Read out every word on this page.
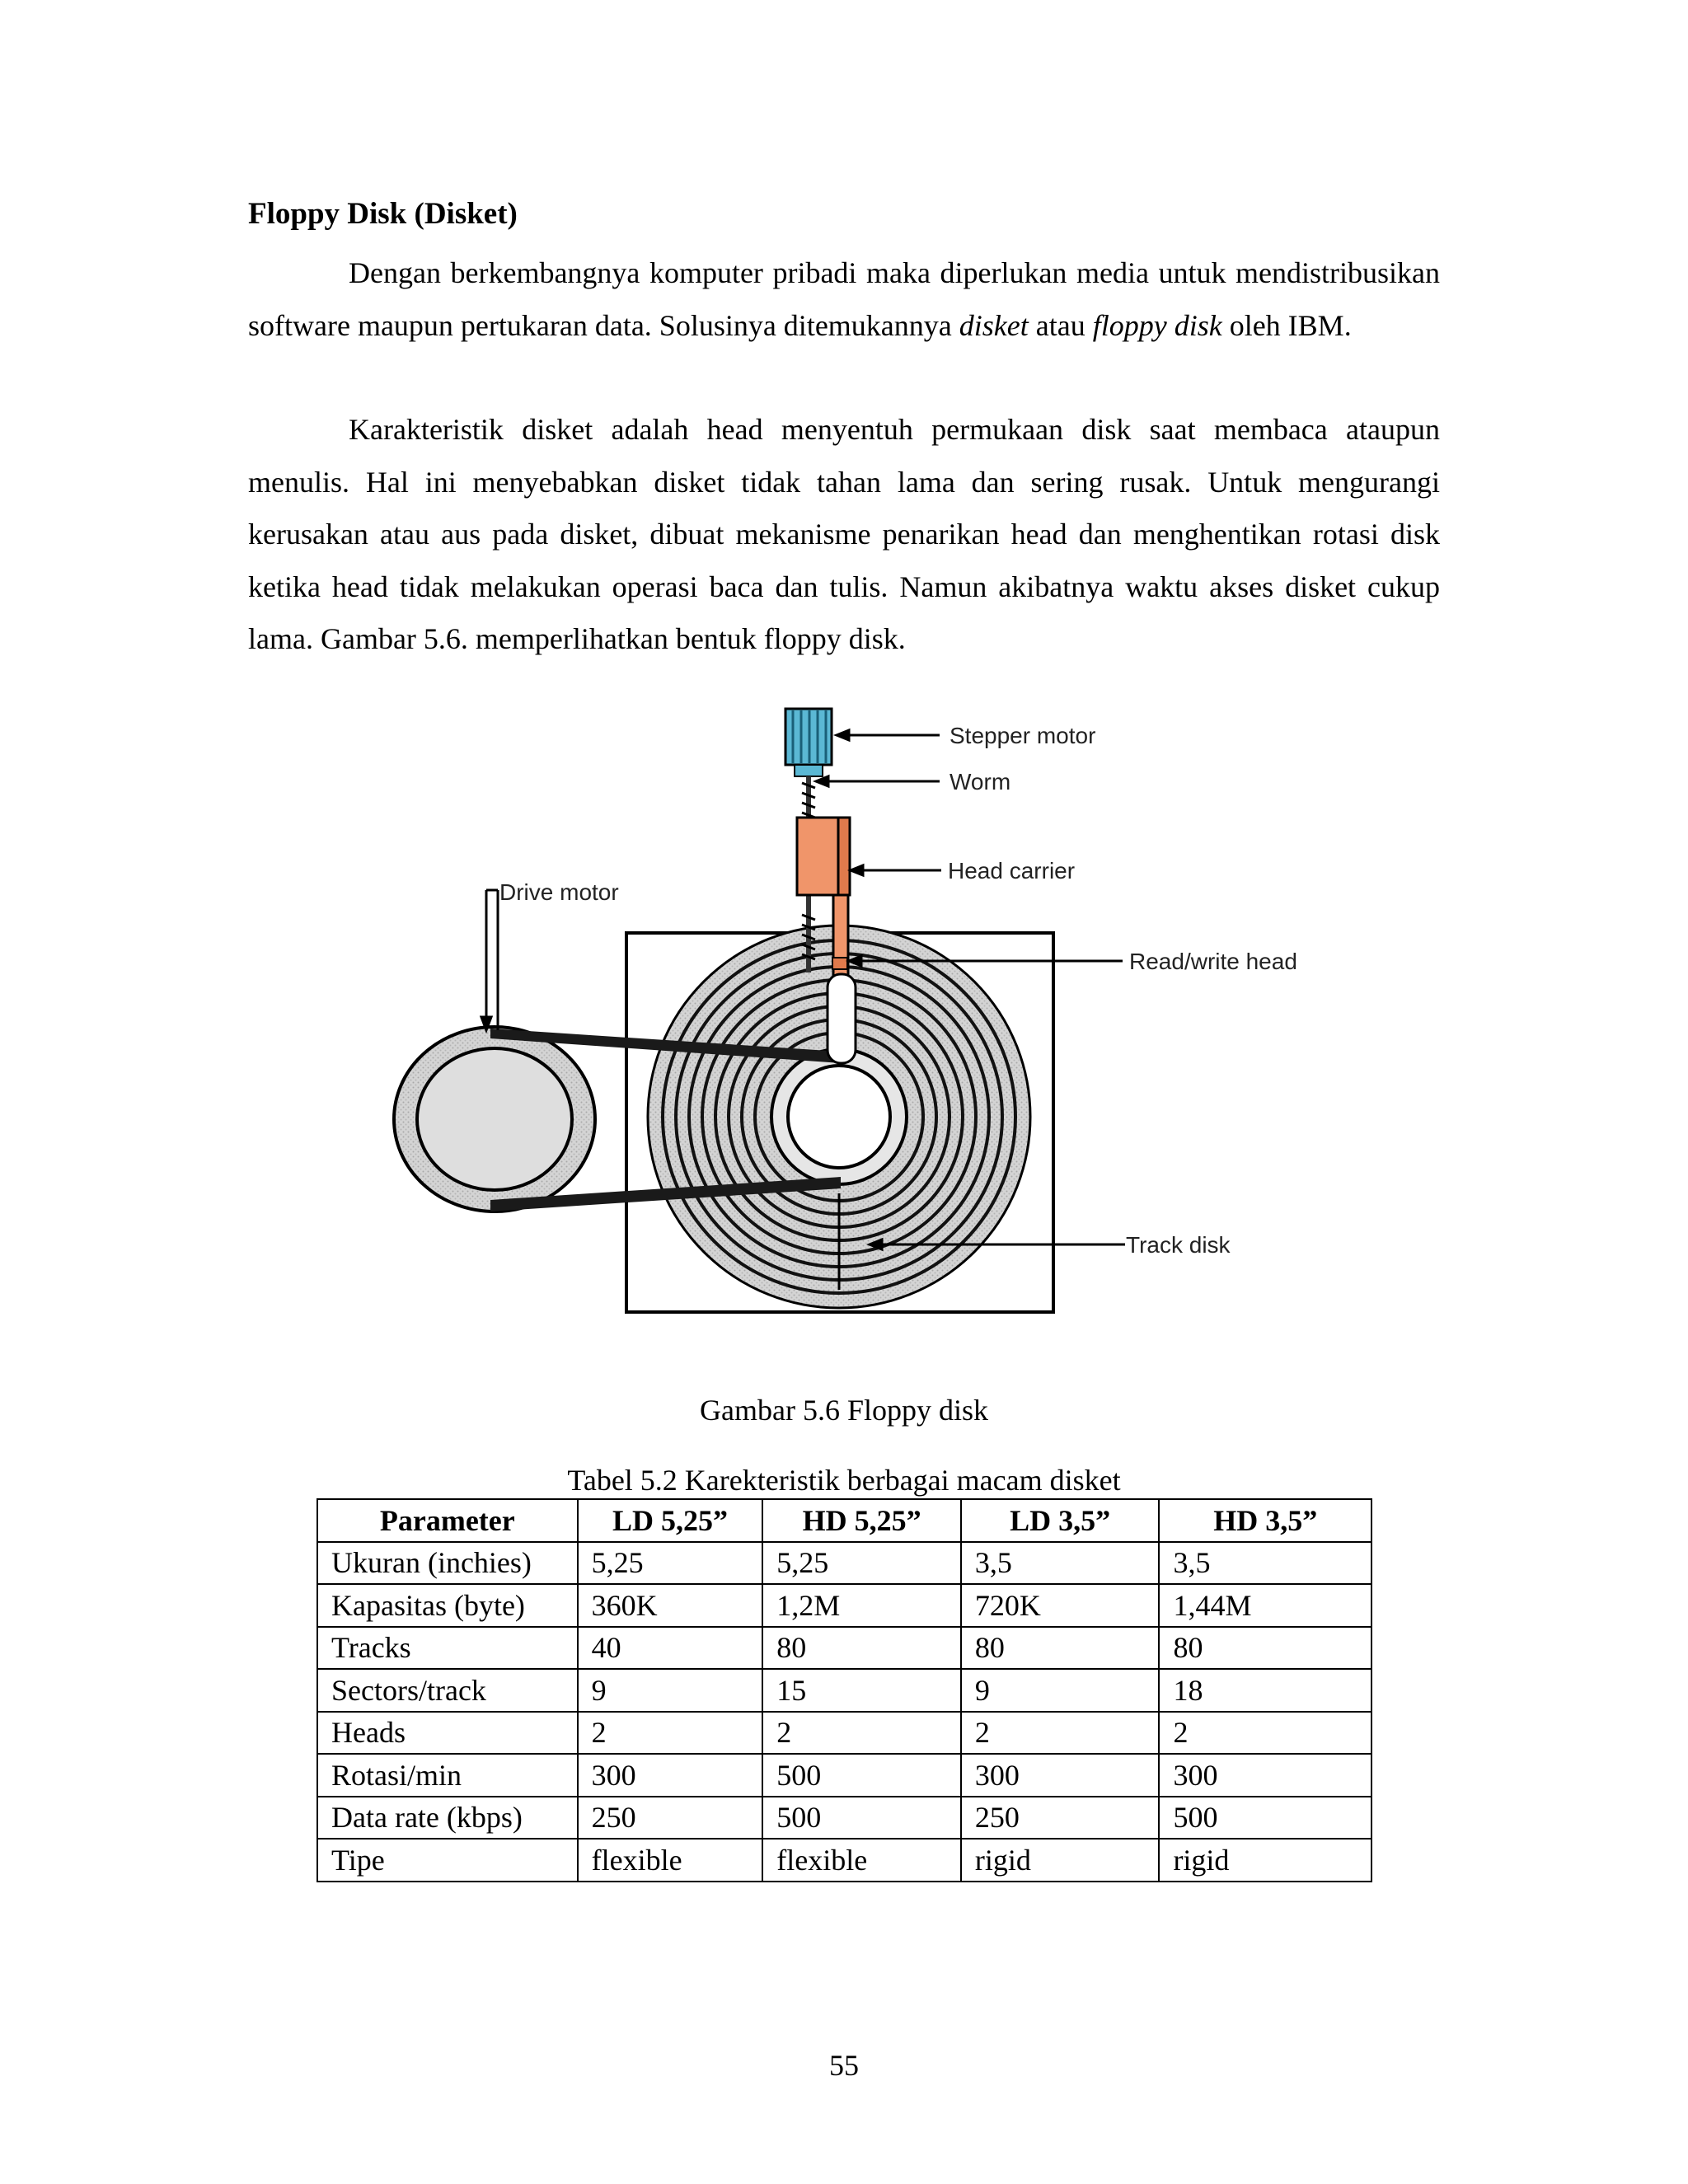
Floppy Disk (Disket)

Dengan berkembangnya komputer pribadi maka diperlukan media untuk mendistribusikan software maupun pertukaran data. Solusinya ditemukannya disket atau floppy disk oleh IBM.

Karakteristik disket adalah head menyentuh permukaan disk saat membaca ataupun menulis. Hal ini menyebabkan disket tidak tahan lama dan sering rusak. Untuk mengurangi kerusakan atau aus pada disket, dibuat mekanisme penarikan head dan menghentikan rotasi disk ketika head tidak melakukan operasi baca dan tulis. Namun akibatnya waktu akses disket cukup lama. Gambar 5.6. memperlihatkan bentuk floppy disk.

Stepper motor
Worm
Head carrier
Drive motor
Read/write head
Track disk

Gambar 5.6 Floppy disk

Tabel 5.2 Karekteristik berbagai macam disket

Parameter	LD 5,25”	HD 5,25”	LD 3,5”	HD 3,5”
Ukuran (inchies)	5,25	5,25	3,5	3,5
Kapasitas (byte)	360K	1,2M	720K	1,44M
Tracks	40	80	80	80
Sectors/track	9	15	9	18
Heads	2	2	2	2
Rotasi/min	300	500	300	300
Data rate (kbps)	250	500	250	500
Tipe	flexible	flexible	rigid	rigid

55
